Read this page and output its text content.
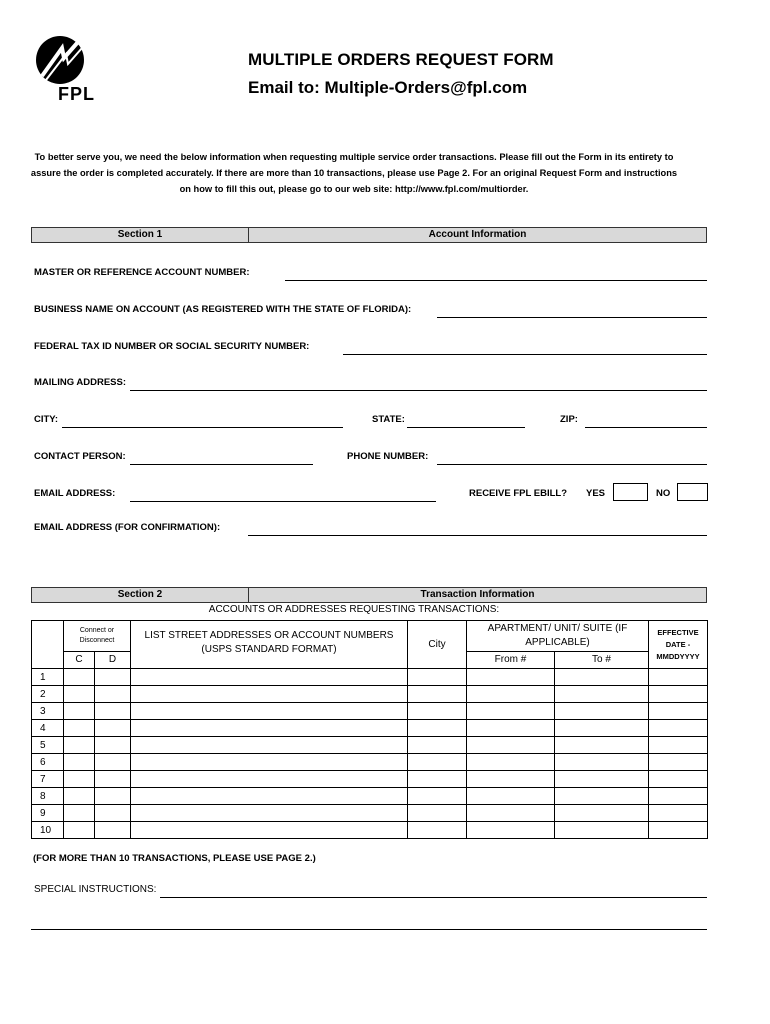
FPL
MULTIPLE ORDERS REQUEST FORM
Email to: Multiple-Orders@fpl.com
To better serve you, we need the below information when requesting multiple service order transactions. Please fill out the Form in its entirety to assure the order is completed accurately. If there are more than 10 transactions, please use Page 2. For an original Request Form and instructions on how to fill this out, please go to our web site: http://www.fpl.com/multiorder.
Section 1	Account Information
MASTER OR REFERENCE ACCOUNT NUMBER:
BUSINESS NAME ON ACCOUNT (AS REGISTERED WITH THE STATE OF FLORIDA):
FEDERAL TAX ID NUMBER OR SOCIAL SECURITY NUMBER:
MAILING ADDRESS:
CITY:	STATE:	ZIP:
CONTACT PERSON:	PHONE NUMBER:
EMAIL ADDRESS:	RECEIVE FPL EBILL? YES	NO
EMAIL ADDRESS (FOR CONFIRMATION):
Section 2	Transaction Information
ACCOUNTS OR ADDRESSES REQUESTING TRANSACTIONS:
	Connect or Disconnect		LIST STREET ADDRESSES OR ACCOUNT NUMBERS (USPS STANDARD FORMAT)	City	APARTMENT/ UNIT/ SUITE (IF APPLICABLE)		EFFECTIVE DATE - MMDDYYYY
	C	D			From #	To #	
1							
2							
3							
4							
5							
6							
7							
8							
9							
10							
(FOR MORE THAN 10 TRANSACTIONS, PLEASE USE PAGE 2.)
SPECIAL INSTRUCTIONS:
